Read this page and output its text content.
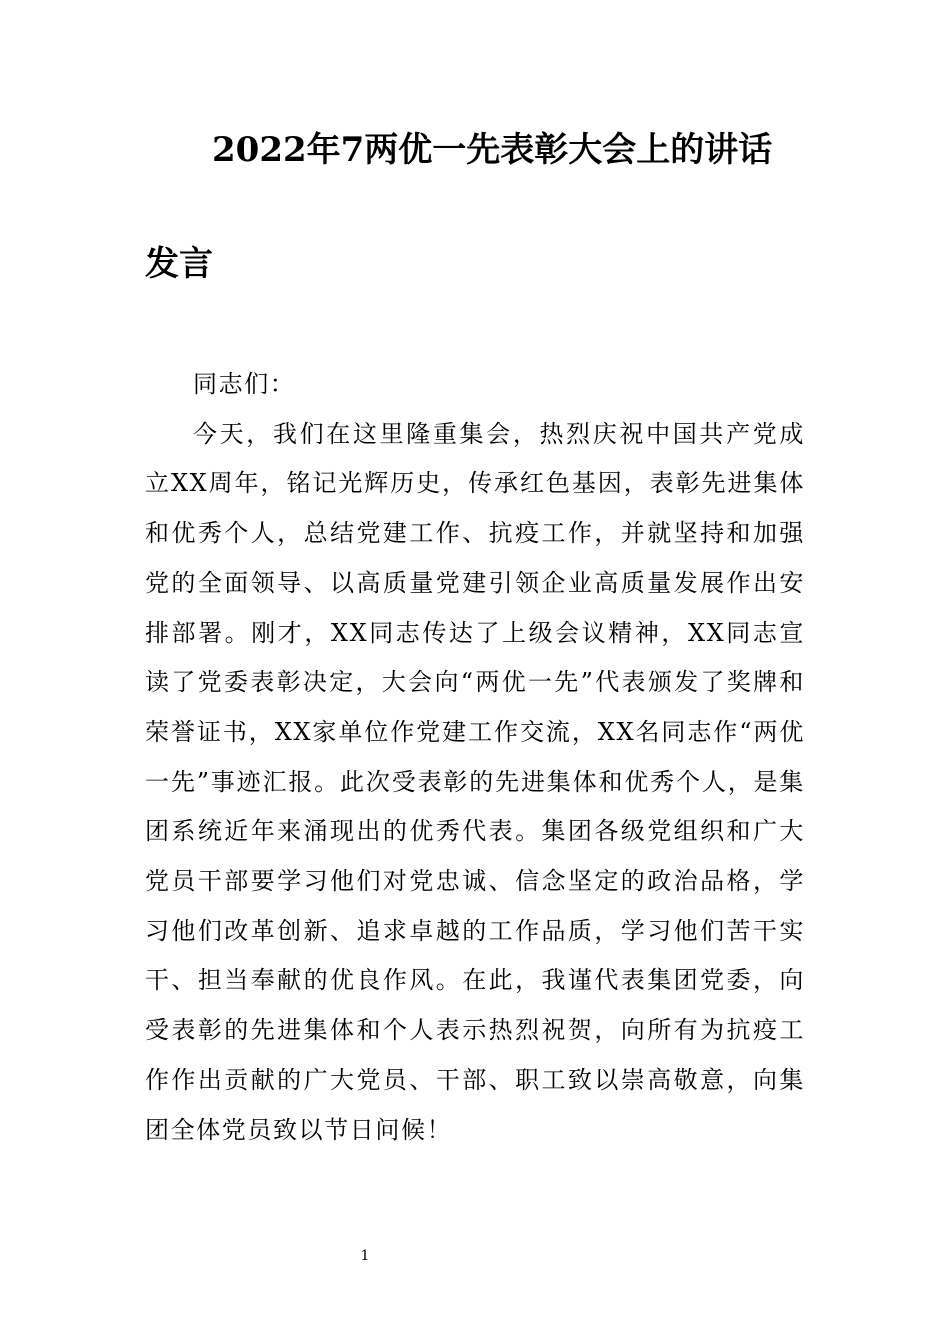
2022年7两优一先表彰大会上的讲话
发言

同志们：

今天，我们在这里隆重集会，热烈庆祝中国共产党成立XX周年，铭记光辉历史，传承红色基因，表彰先进集体和优秀个人，总结党建工作、抗疫工作，并就坚持和加强党的全面领导、以高质量党建引领企业高质量发展作出安排部署。刚才，XX同志传达了上级会议精神，XX同志宣读了党委表彰决定，大会向“两优一先”代表颁发了奖牌和荣誉证书，XX家单位作党建工作交流，XX名同志作“两优一先”事迹汇报。此次受表彰的先进集体和优秀个人，是集团系统近年来涌现出的优秀代表。集团各级党组织和广大党员干部要学习他们对党忠诚、信念坚定的政治品格，学习他们改革创新、追求卓越的工作品质，学习他们苦干实干、担当奉献的优良作风。在此，我谨代表集团党委，向受表彰的先进集体和个人表示热烈祝贺，向所有为抗疫工作作出贡献的广大党员、干部、职工致以崇高敬意，向集团全体党员致以节日问候！

1
